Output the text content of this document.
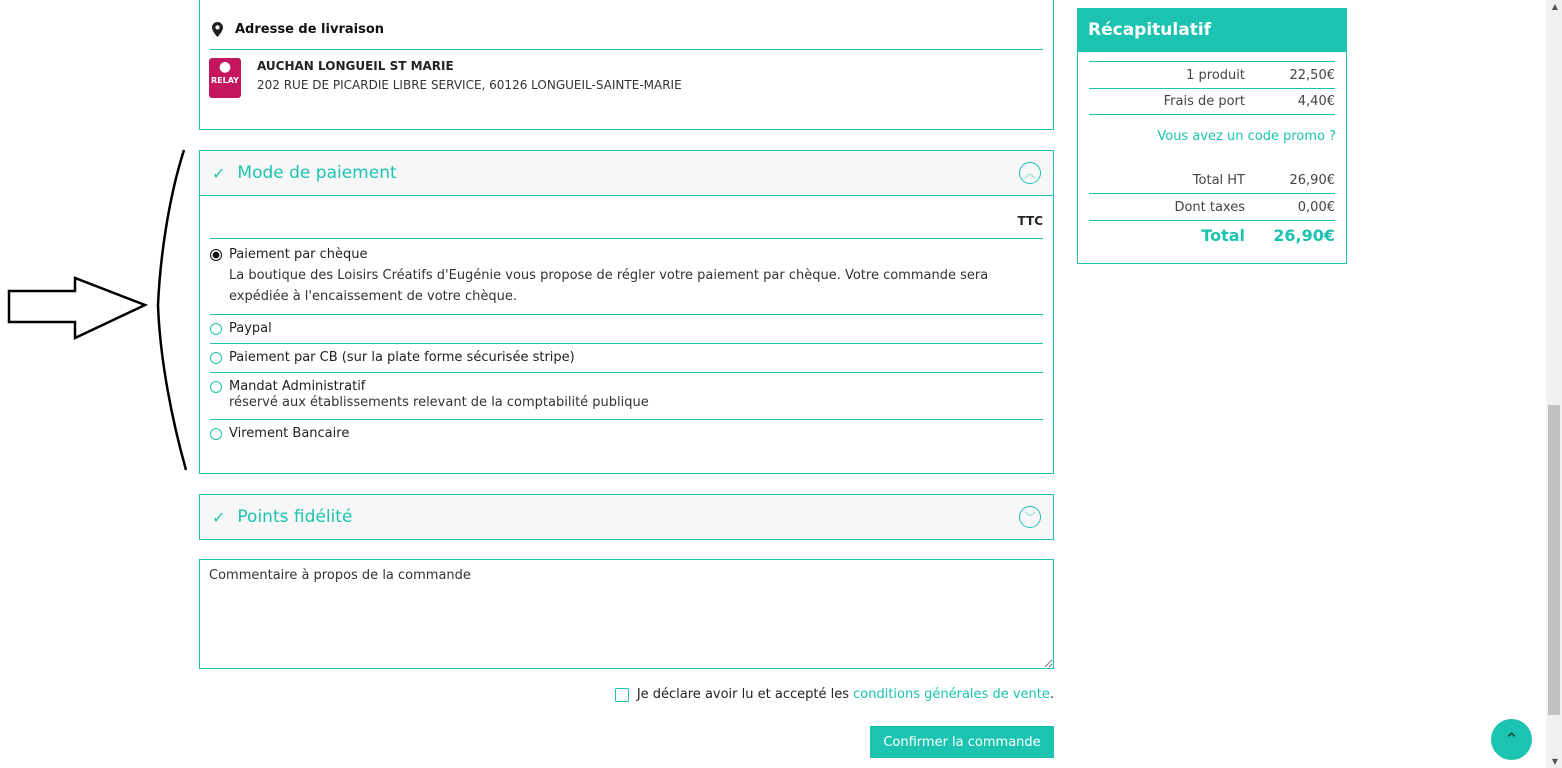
Adresse de livraison
●
RELAY
AUCHAN LONGUEIL ST MARIE
202 RUE DE PICARDIE LIBRE SERVICE, 60126 LONGUEIL-SAINTE-MARIE
✓ Mode de paiement	︿
TTC
Paiement par chèque
La boutique des Loisirs Créatifs d'Eugénie vous propose de régler votre paiement par chèque. Votre commande sera expédiée à l'encaissement de votre chèque.
Paypal
Paiement par CB (sur la plate forme sécurisée stripe)
Mandat Administratif
réservé aux établissements relevant de la comptabilité publique
Virement Bancaire
✓ Points fidélité	﹀
Commentaire à propos de la commande
Je déclare avoir lu et accepté les conditions générales de vente.
Confirmer la commande
Récapitulatif
1 produit	22,50€
Frais de port	4,40€
Vous avez un code promo ?
Total HT	26,90€
Dont taxes	0,00€
Total	26,90€
▲
▼
⌃
